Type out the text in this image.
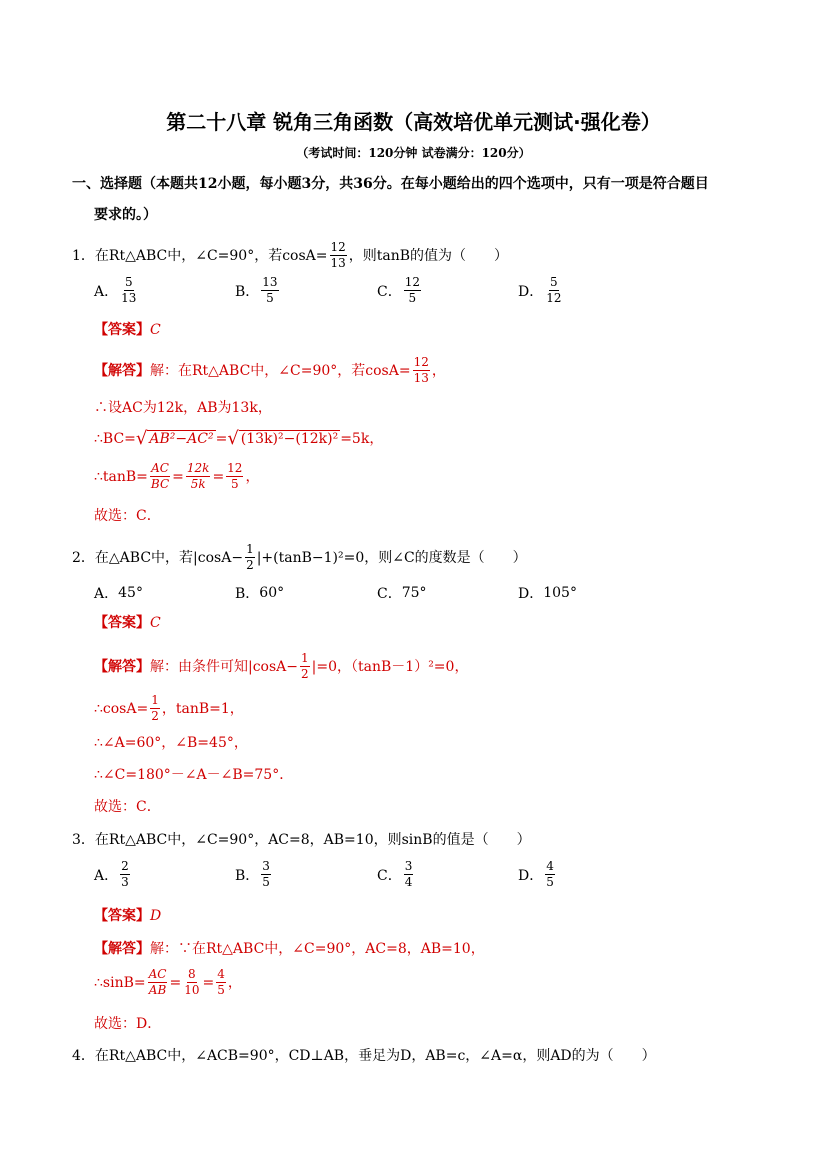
第二十八章 锐角三角函数（高效培优单元测试·强化卷）
（考试时间：120分钟 试卷满分：120分）
一、选择题（本题共12小题，每小题3分，共36分。在每小题给出的四个选项中，只有一项是符合题目
要求的。）
1．在Rt△ABC中，∠C=90°，若$\cos A= \frac{12}{13}$ ，则tanB的值为（　　）
A． $\frac{5}{13}$	B． $\frac{13}{5}$	C． $\frac{12}{5}$	D． $\frac{5}{12}$
【答案】 C
【解答】 解：在Rt△ABC中，∠C=90°，若$\cos A= \frac{12}{13}$ ，
∴设AC为12k，AB为13k，
∴BC= √ AB²−AC² = √ (13k)²−(12k)² =5k，
∴tanB= $\frac{AC}{BC} = \frac{12k}{5k} = \frac{12}{5}$ ，
故选：C．
2．在△ABC中，若$|\cos A- \frac{1}{2} |+(\tan B-1)^2=0$，则∠C的度数是（　　）
A． 45°	B． 60°	C． 75°	D． 105°
【答案】 C
【解答】 解：由条件可知$|\cos A- \frac{1}{2} |=0$，（tanB－1）²=0，
∴cosA= $\frac{1}{2}$ ，tanB=1，
∴∠A=60°，∠B=45°，
∴∠C=180°－∠A－∠B=75°．
故选：C．
3．在Rt△ABC中，∠C=90°，AC=8，AB=10，则sinB的值是（　　）
A． $\frac{2}{3}$	B． $\frac{3}{5}$	C． $\frac{3}{4}$	D． $\frac{4}{5}$
【答案】 D
【解答】 解：∵在Rt△ABC中，∠C=90°，AC=8，AB=10，
∴sinB= $\frac{AC}{AB} = \frac{8}{10} = \frac{4}{5}$ ，
故选：D．
4．在Rt△ABC中，∠ACB=90°，CD⊥AB，垂足为D，AB=c，∠A=α，则AD的为（　　）
